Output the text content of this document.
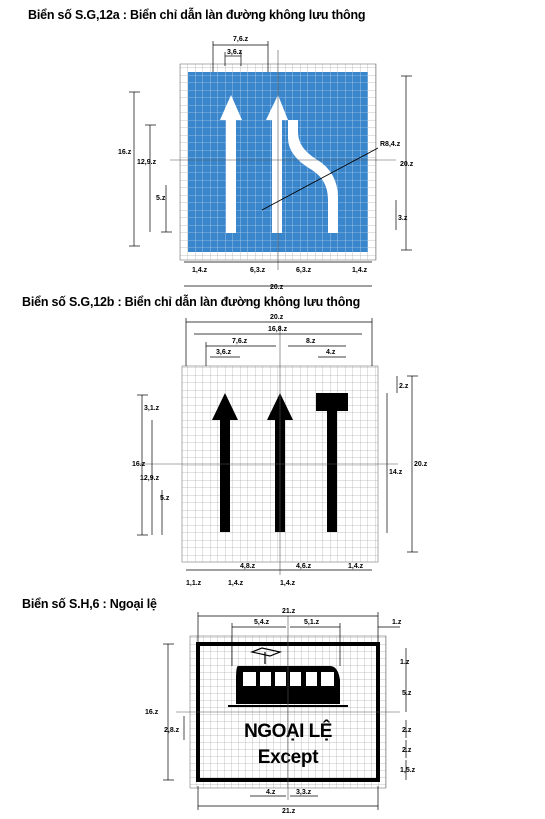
Biển số S.G,12a : Biển chỉ dẫn làn đường không lưu thông
Biển số S.G,12b : Biển chỉ dẫn làn đường không lưu thông
Biển số S.H,6 : Ngoại lệ
7,6.z
3,6.z
16.z
12,9.z
5.z
20.z
3.z
R8,4.z
1,4.z	6,3.z	6,3.z	1,4.z
20.z
20.z
16,8.z
7,6.z
3,6.z
8.z
4.z
3,1.z
16.z
12,9.z
5.z
2.z
14.z
20.z
4,8.z	4,6.z	1,4.z
1,1.z	1,4.z	1,4.z
NGOẠI LỆ
Except
21.z
5,4.z	5,1.z	1.z
16.z
2,8.z
1.z
5.z
2.z
2.z
1,5.z
4.z	3,3.z
21.z
